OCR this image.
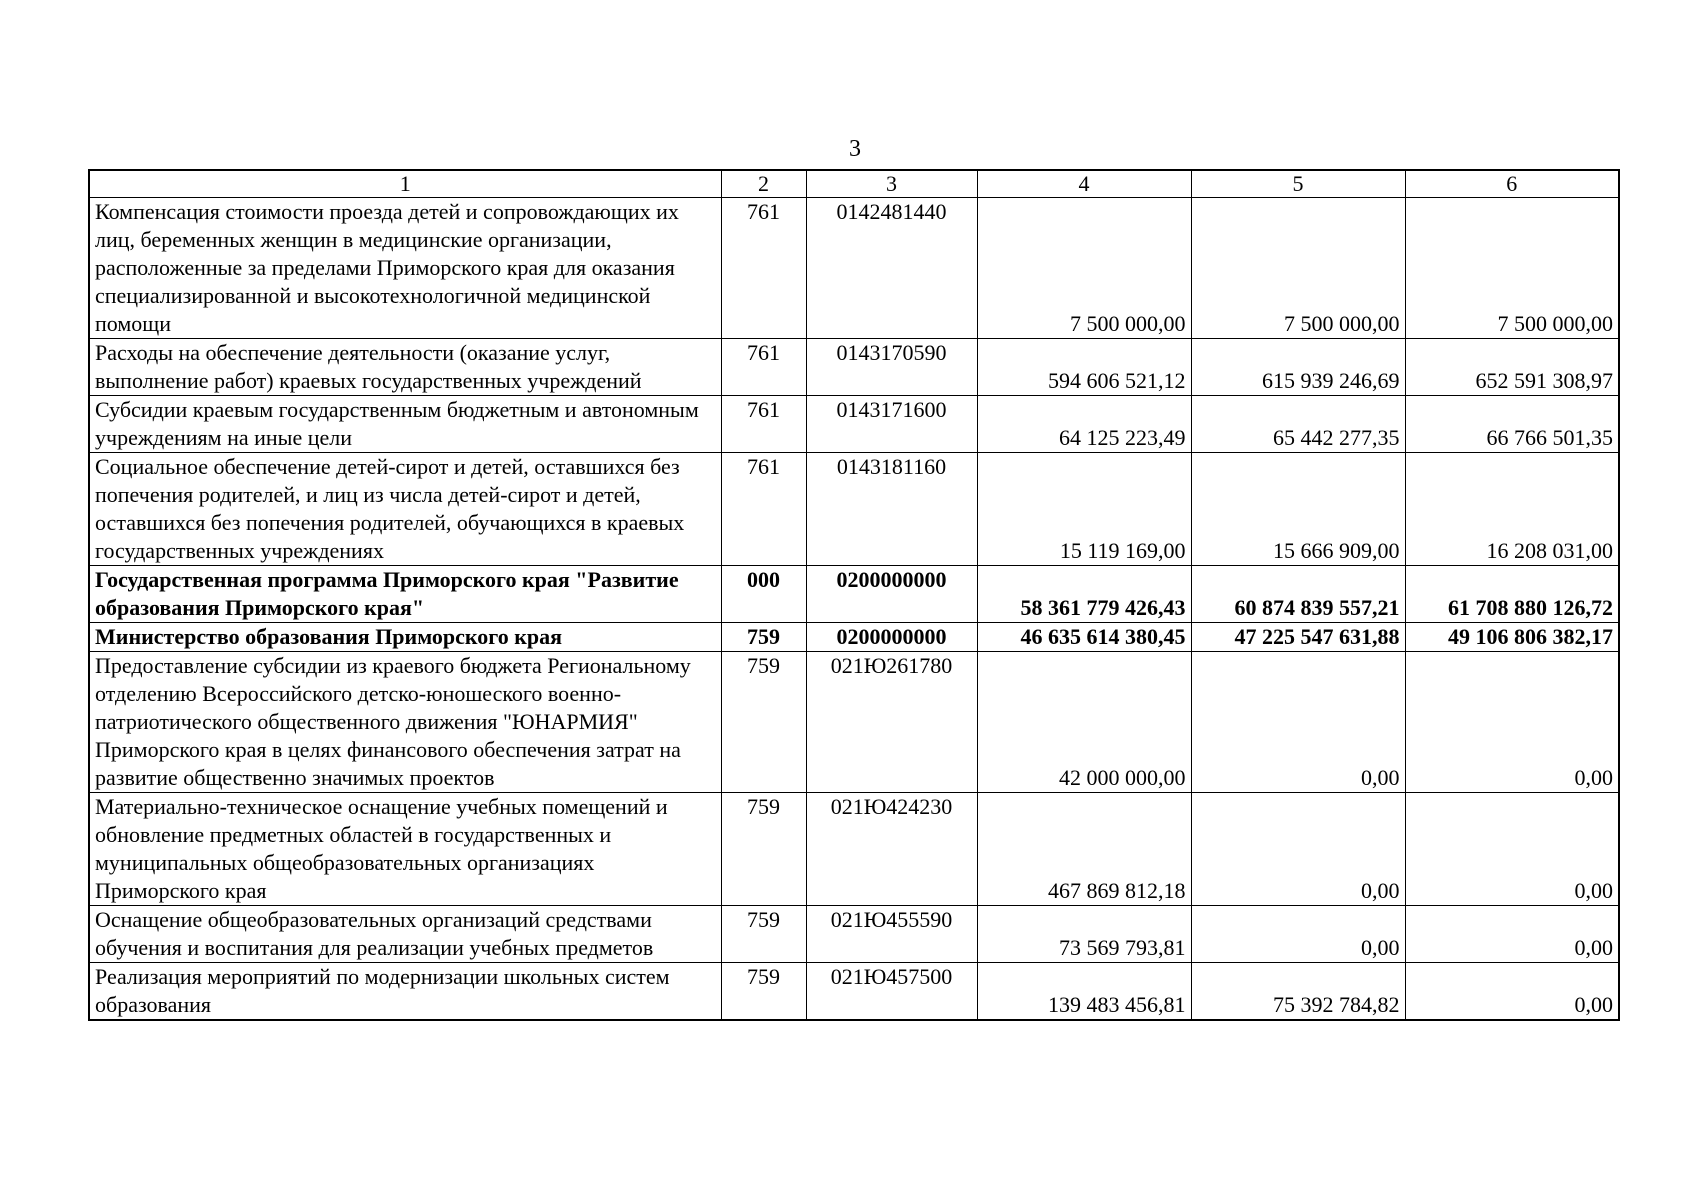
3
1	2	3	4	5	6
Компенсация стоимости проезда детей и сопровождающих их лиц, беременных женщин в медицинские организации, расположенные за пределами Приморского края для оказания специализированной и высокотехнологичной медицинской помощи	761	0142481440	7 500 000,00	7 500 000,00	7 500 000,00
Расходы на обеспечение деятельности (оказание услуг, выполнение работ) краевых государственных учреждений	761	0143170590	594 606 521,12	615 939 246,69	652 591 308,97
Субсидии краевым государственным бюджетным и автономным учреждениям на иные цели	761	0143171600	64 125 223,49	65 442 277,35	66 766 501,35
Социальное обеспечение детей-сирот и детей, оставшихся без попечения родителей, и лиц из числа детей-сирот и детей, оставшихся без попечения родителей, обучающихся в краевых государственных учреждениях	761	0143181160	15 119 169,00	15 666 909,00	16 208 031,00
Государственная программа Приморского края "Развитие образования Приморского края"	000	0200000000	58 361 779 426,43	60 874 839 557,21	61 708 880 126,72
Министерство образования Приморского края	759	0200000000	46 635 614 380,45	47 225 547 631,88	49 106 806 382,17
Предоставление субсидии из краевого бюджета Региональному отделению Всероссийского детско-юношеского военно-патриотического общественного движения "ЮНАРМИЯ" Приморского края в целях финансового обеспечения затрат на развитие общественно значимых проектов	759	021Ю261780	42 000 000,00	0,00	0,00
Материально-техническое оснащение учебных помещений и обновление предметных областей в государственных и муниципальных общеобразовательных организациях Приморского края	759	021Ю424230	467 869 812,18	0,00	0,00
Оснащение общеобразовательных организаций средствами обучения и воспитания для реализации учебных предметов	759	021Ю455590	73 569 793,81	0,00	0,00
Реализация мероприятий по модернизации школьных систем образования	759	021Ю457500	139 483 456,81	75 392 784,82	0,00
